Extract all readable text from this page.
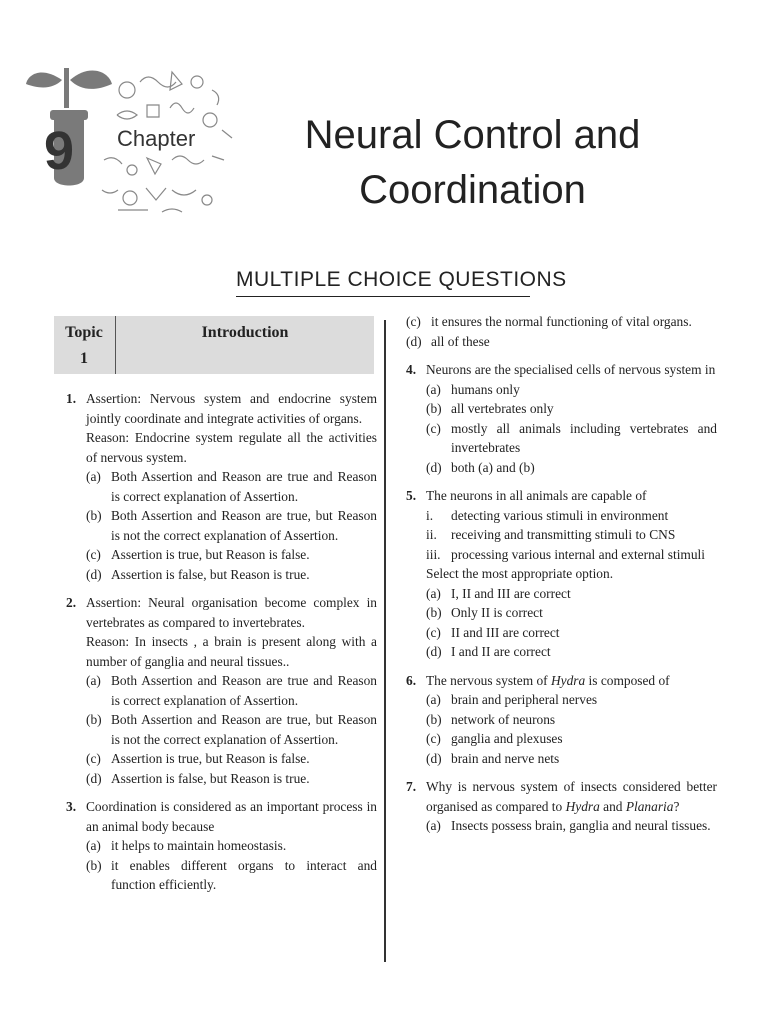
9 Chapter	Neural Control and
Coordination
MULTIPLE CHOICE QUESTIONS
Topic
1
Introduction
1. Assertion: Nervous system and endocrine system jointly coordinate and integrate activities of organs.
Reason: Endocrine system regulate all the activities of nervous system.
(a) Both Assertion and Reason are true and Reason is correct explanation of Assertion.
(b) Both Assertion and Reason are true, but Reason is not the correct explanation of Assertion.
(c) Assertion is true, but Reason is false.
(d) Assertion is false, but Reason is true.
2. Assertion: Neural organisation become complex in vertebrates as compared to invertebrates.
Reason: In insects , a brain is present along with a number of ganglia and neural tissues..
(a) Both Assertion and Reason are true and Reason is correct explanation of Assertion.
(b) Both Assertion and Reason are true, but Reason is not the correct explanation of Assertion.
(c) Assertion is true, but Reason is false.
(d) Assertion is false, but Reason is true.
3. Coordination is considered as an important process in an animal body because
(a) it helps to maintain homeostasis.
(b) it enables different organs to interact and function efficiently.
(c) it ensures the normal functioning of vital organs.
(d) all of these
4. Neurons are the specialised cells of nervous system in
(a) humans only
(b) all vertebrates only
(c) mostly all animals including vertebrates and invertebrates
(d) both (a) and (b)
5. The neurons in all animals are capable of
i. detecting various stimuli in environment
ii. receiving and transmitting stimuli to CNS
iii. processing various internal and external stimuli
Select the most appropriate option.
(a) I, II and III are correct
(b) Only II is correct
(c) II and III are correct
(d) I and II are correct
6. The nervous system of Hydra is composed of
(a) brain and peripheral nerves
(b) network of neurons
(c) ganglia and plexuses
(d) brain and nerve nets
7. Why is nervous system of insects considered better organised as compared to Hydra and Planaria?
(a) Insects possess brain, ganglia and neural tissues.
